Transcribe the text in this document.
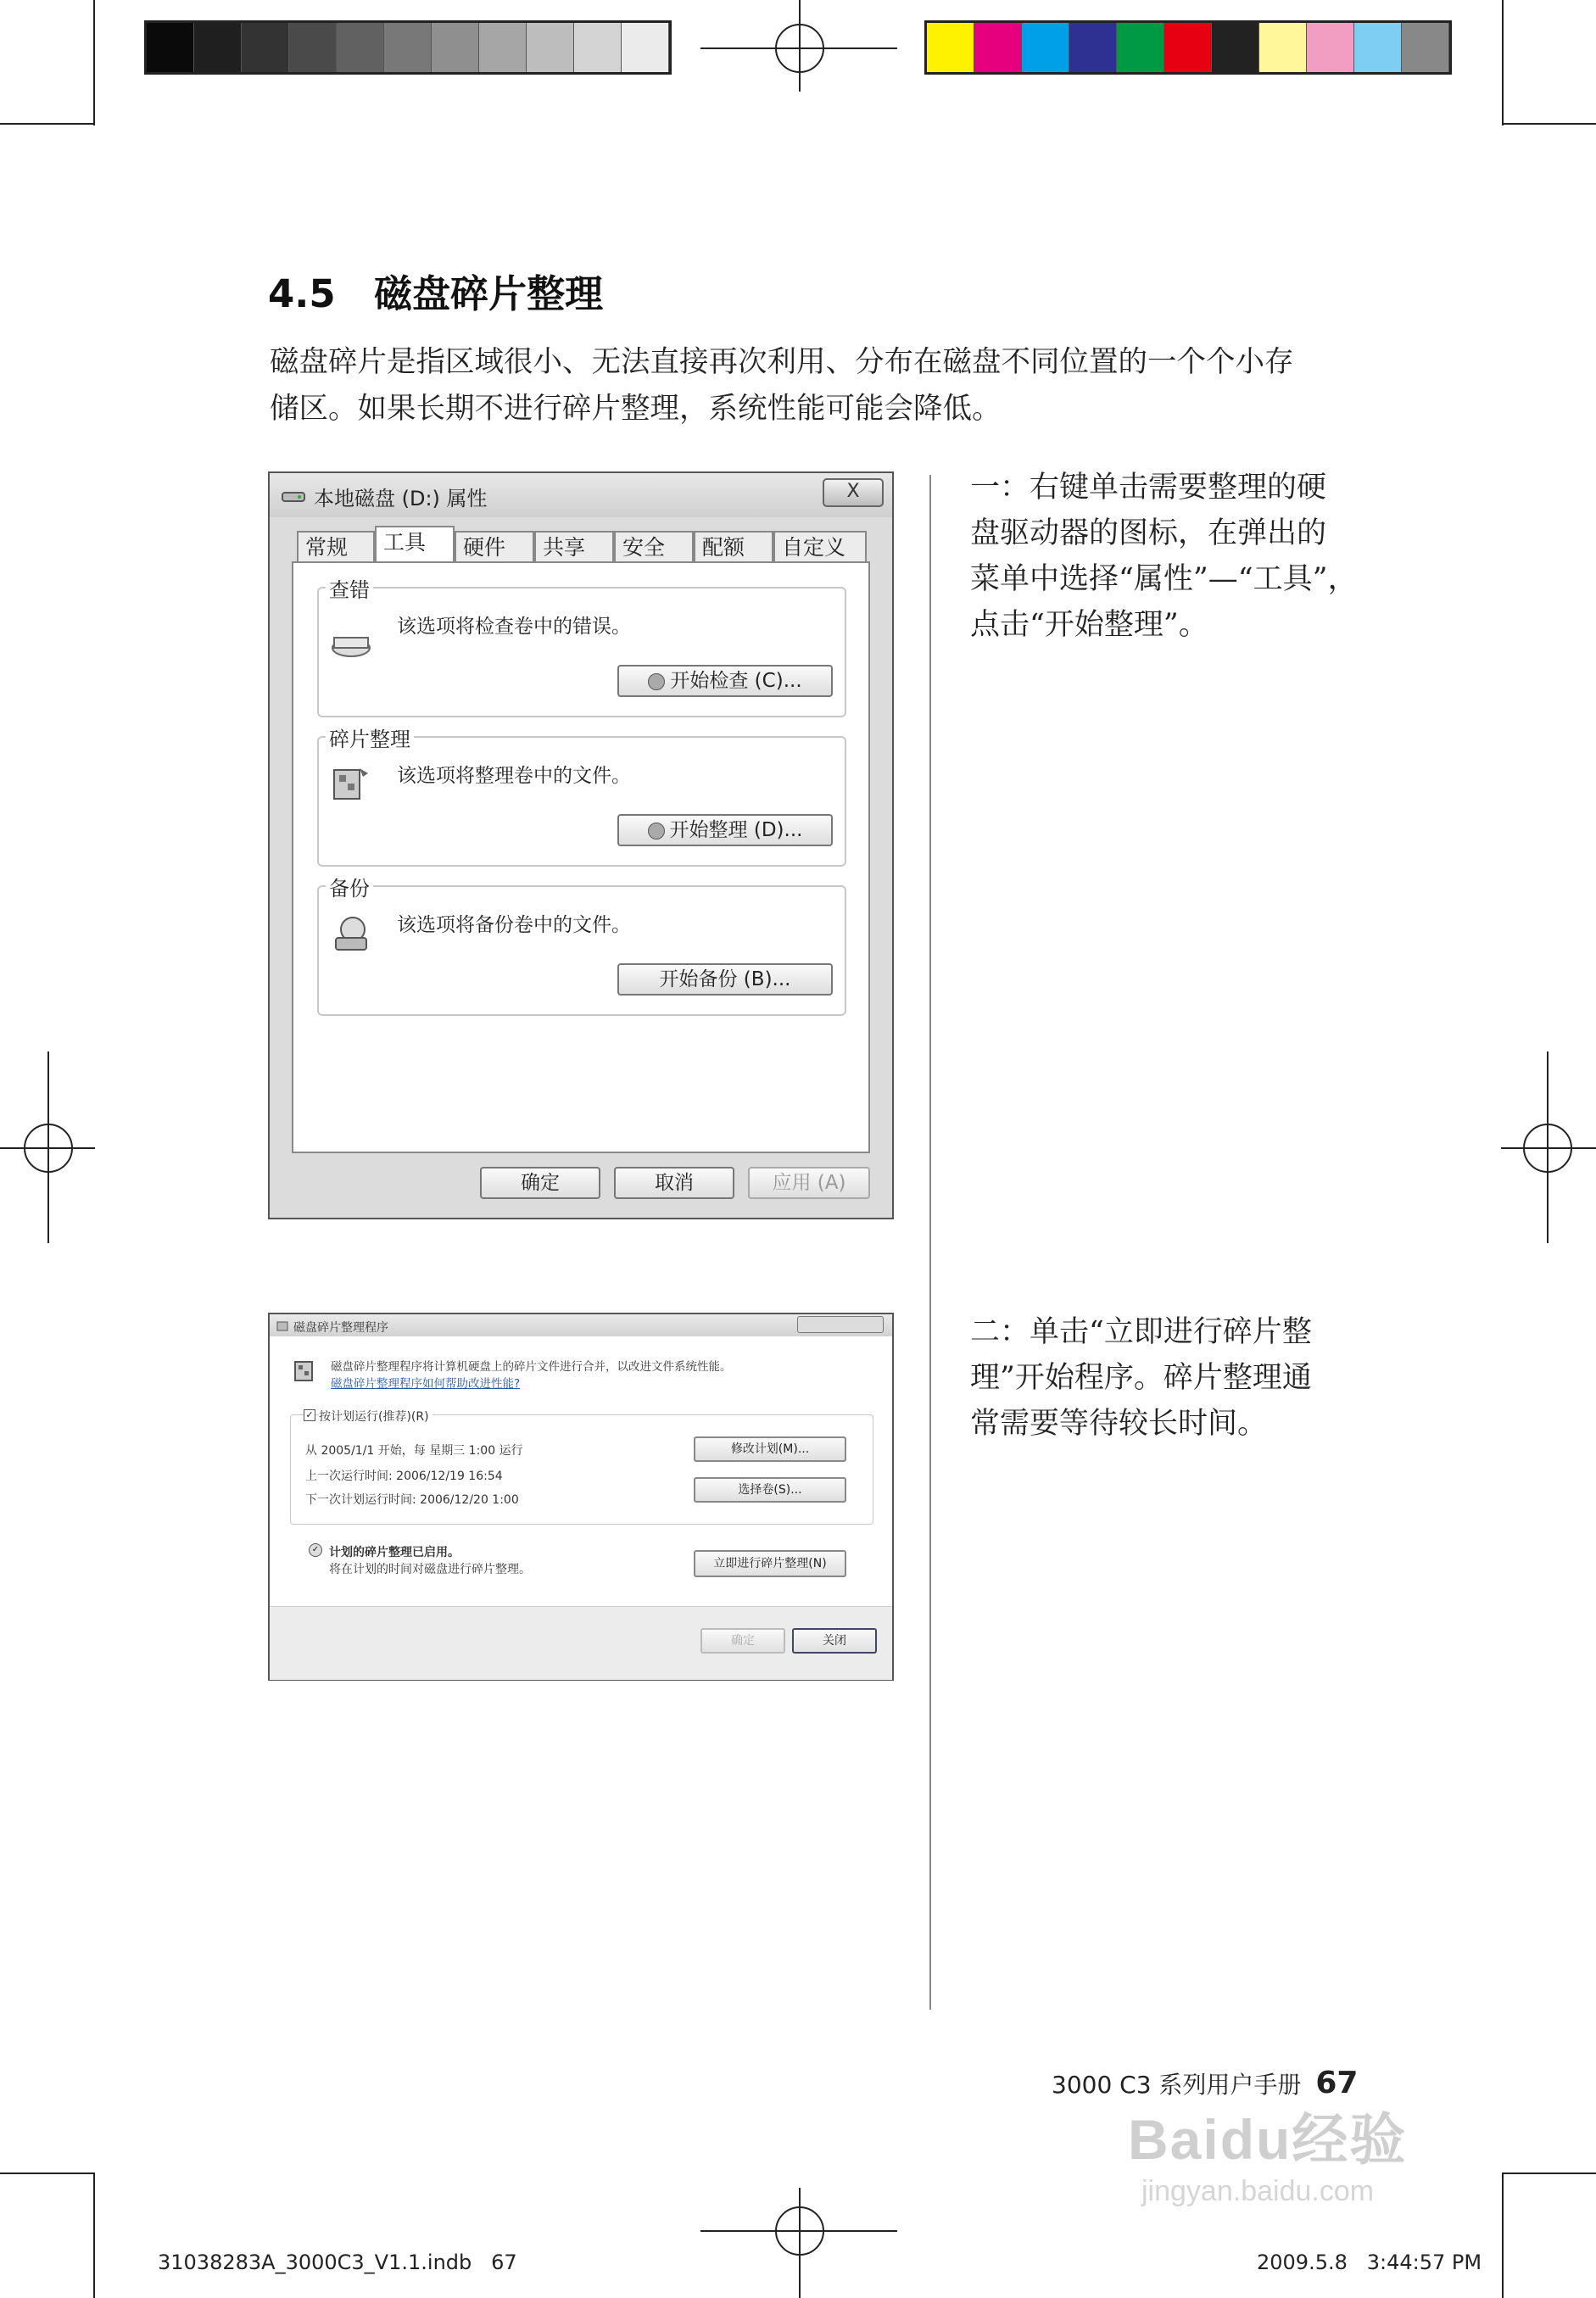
4.5 磁盘碎片整理
磁盘碎片是指区域很小、无法直接再次利用、分布在磁盘不同位置的一个个小存
储区。如果长期不进行碎片整理，系统性能可能会降低。
本地磁盘 (D:) 属性	X
常规	工具	硬件	共享	安全	配额	自定义
查错
该选项将检查卷中的错误。
开始检查 (C)...
碎片整理
该选项将整理卷中的文件。
开始整理 (D)...
备份
该选项将备份卷中的文件。
开始备份 (B)...
确定	取消	应用 (A)
一：右键单击需要整理的硬
盘驱动器的图标，在弹出的
菜单中选择“属性”—“工具”，
点击“开始整理”。
磁盘碎片整理程序
磁盘碎片整理程序将计算机硬盘上的碎片文件进行合并，以改进文件系统性能。
磁盘碎片整理程序如何帮助改进性能?
✓ 按计划运行(推荐)(R)
从 2005/1/1 开始，每 星期三 1:00 运行
上一次运行时间: 2006/12/19 16:54
下一次计划运行时间: 2006/12/20 1:00
修改计划(M)...
选择卷(S)...
✓ 计划的碎片整理已启用。
将在计划的时间对磁盘进行碎片整理。	立即进行碎片整理(N)
确定	关闭
二：单击“立即进行碎片整
理”开始程序。碎片整理通
常需要等待较长时间。
3000 C3 系列用户手册 67
Baidu经验
jingyan.baidu.com
31038283A_3000C3_V1.1.indb   67	2009.5.8   3:44:57 PM
